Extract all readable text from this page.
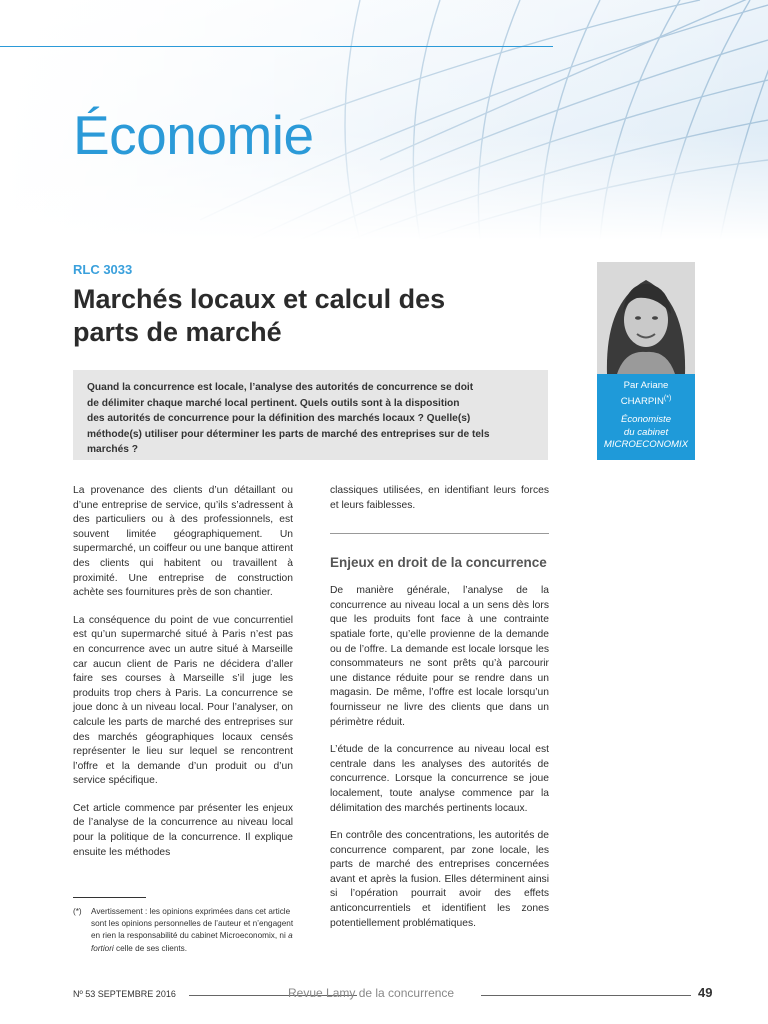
Économie
RLC 3033
Marchés locaux et calcul des
parts de marché
Quand la concurrence est locale, l’analyse des autorités de concurrence se doit
de délimiter chaque marché local pertinent. Quels outils sont à la disposition
des autorités de concurrence pour la définition des marchés locaux ? Quelle(s)
méthode(s) utiliser pour déterminer les parts de marché des entreprises sur de tels
marchés ?
Par Ariane
CHARPIN(*)
Économiste
du cabinet
MICROECONOMIX

La provenance des clients d’un détaillant ou d’une entreprise de service, qu’ils s’adressent à des particuliers ou à des professionnels, est souvent limitée géographiquement. Un supermarché, un coiffeur ou une banque attirent des clients qui habitent ou travaillent à proximité. Une entreprise de construction achète ses fournitures près de son chantier.

La conséquence du point de vue concurrentiel est qu’un supermarché situé à Paris n’est pas en concurrence avec un autre situé à Marseille car aucun client de Paris ne décidera d’aller faire ses courses à Marseille s’il juge les produits trop chers à Paris. La concurrence se joue donc à un niveau local. Pour l’analyser, on calcule les parts de marché des entreprises sur des marchés géographiques locaux censés représenter le lieu sur lequel se rencontrent l’offre et la demande d’un produit ou d’un service spécifique.

Cet article commence par présenter les enjeux de l’analyse de la concurrence au niveau local pour la politique de la concurrence. Il explique ensuite les méthodes

classiques utilisées, en identifiant leurs forces et leurs faiblesses.

Enjeux en droit de la concurrence

De manière générale, l’analyse de la concurrence au niveau local a un sens dès lors que les produits font face à une contrainte spatiale forte, qu’elle provienne de la demande ou de l’offre. La demande est locale lorsque les consommateurs ne sont prêts qu’à parcourir une distance réduite pour se rendre dans un magasin. De même, l’offre est locale lorsqu’un fournisseur ne livre des clients que dans un périmètre réduit.

L’étude de la concurrence au niveau local est centrale dans les analyses des autorités de concurrence. Lorsque la concurrence se joue localement, toute analyse commence par la délimitation des marchés pertinents locaux.

En contrôle des concentrations, les autorités de concurrence comparent, par zone locale, les parts de marché des entreprises concernées avant et après la fusion. Elles déterminent ainsi si l’opération pourrait avoir des effets anticoncurrentiels et identifient les zones potentiellement problématiques.

(*) Avertissement : les opinions exprimées dans cet article sont les opinions personnelles de l’auteur et n’engagent en rien la responsabilité du cabinet Microeconomix, ni a fortiori celle de ses clients.
Nº 53 SEPTEMBRE 2016	Revue Lamy de la concurrence	49
